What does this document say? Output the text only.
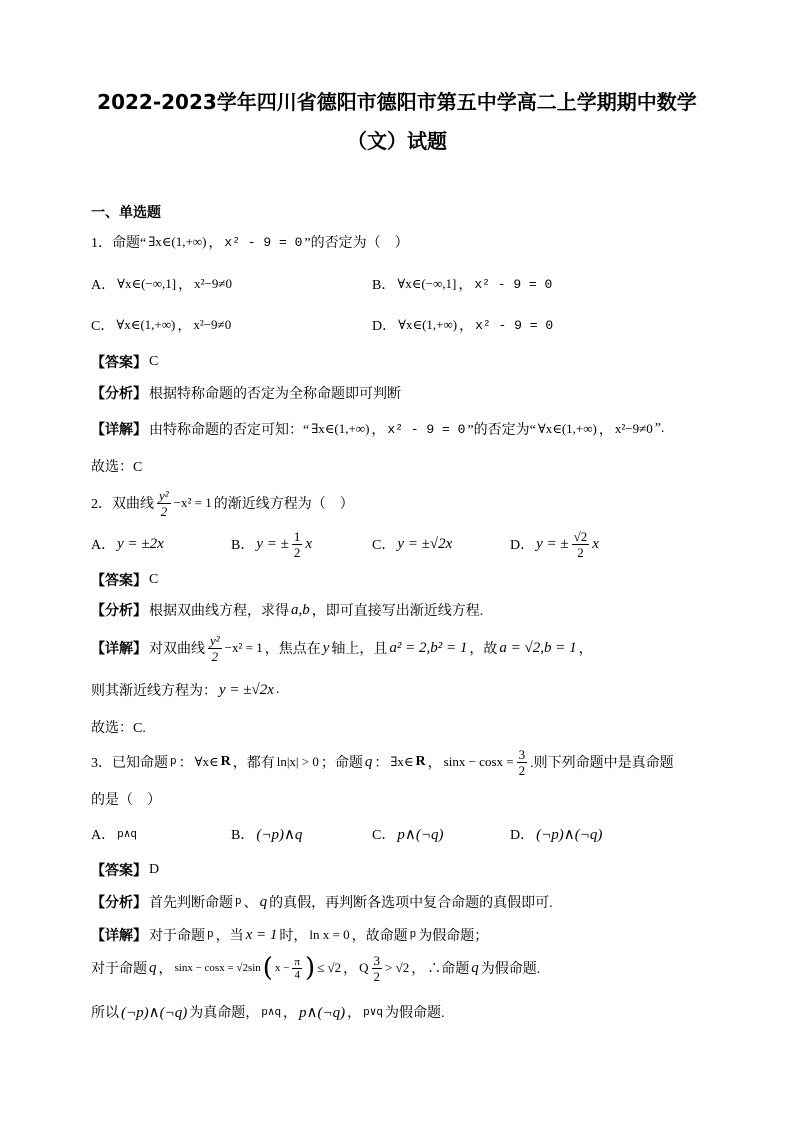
2022-2023学年四川省德阳市德阳市第五中学高二上学期期中数学
（文）试题
一、单选题
1．命题“ ∃x∈(1,+∞) ， x² - 9 = 0 ”的否定为（　）
A． ∀x∈(−∞,1] ， x²−9≠0	B． ∀x∈(−∞,1] ， x² - 9 = 0
C． ∀x∈(1,+∞) ， x²−9≠0	D． ∀x∈(1,+∞) ， x² - 9 = 0
【答案】 C
【分析】 根据特称命题的否定为全称命题即可判断
【详解】 由特称命题的否定可知：“ ∃x∈(1,+∞) ， x² - 9 = 0 ”的否定为“ ∀x∈(1,+∞) ， x²−9≠0 ”.
故选：C
2．双曲线 $\frac{\text{y²}}{2} -x^2 = 1$ 的渐近线方程为（　）
A． y = ±2x	B． y = ± $\frac{1}{2}$ x	C． y = ±√2x	D． y = ± $\frac{√2}{2}$ x
【答案】 C
【分析】 根据双曲线方程，求得 a,b ，即可直接写出渐近线方程.
【详解】 对双曲线 $\frac{\text{y²}}{2} -x^2 = 1$ ，焦点在 y 轴上，且 a² = 2,b² = 1 ，故 a = √2,b = 1 ，
则其渐近线方程为： y = ±√2x .
故选：C.
3．已知命题 p ： ∀x∈ R ，都有 ln|x| > 0 ；命题 q ： ∃x∈ R ， $\sin x - \cos x = \frac{3}{2}$ .则下列命题中是真命题
的是（　）
A． p∧q	B． (¬p)∧q	C． p∧(¬q)	D． (¬p)∧(¬q)
【答案】 D
【分析】 首先判断命题 p 、 q 的真假，再判断各选项中复合命题的真假即可.
【详解】 对于命题 p ，当 x = 1 时， ln x = 0 ，故命题 p 为假命题；
对于命题 q ， sinx − cosx = √2sin ( $x - \frac{\pi}{4}$ ) ≤ √2 ， Q $\frac{3}{2} > √2$ ， ∴命题 q 为假命题.
所以 (¬p)∧(¬q) 为真命题， p∧q ， p∧(¬q) ， p∨q 为假命题.
